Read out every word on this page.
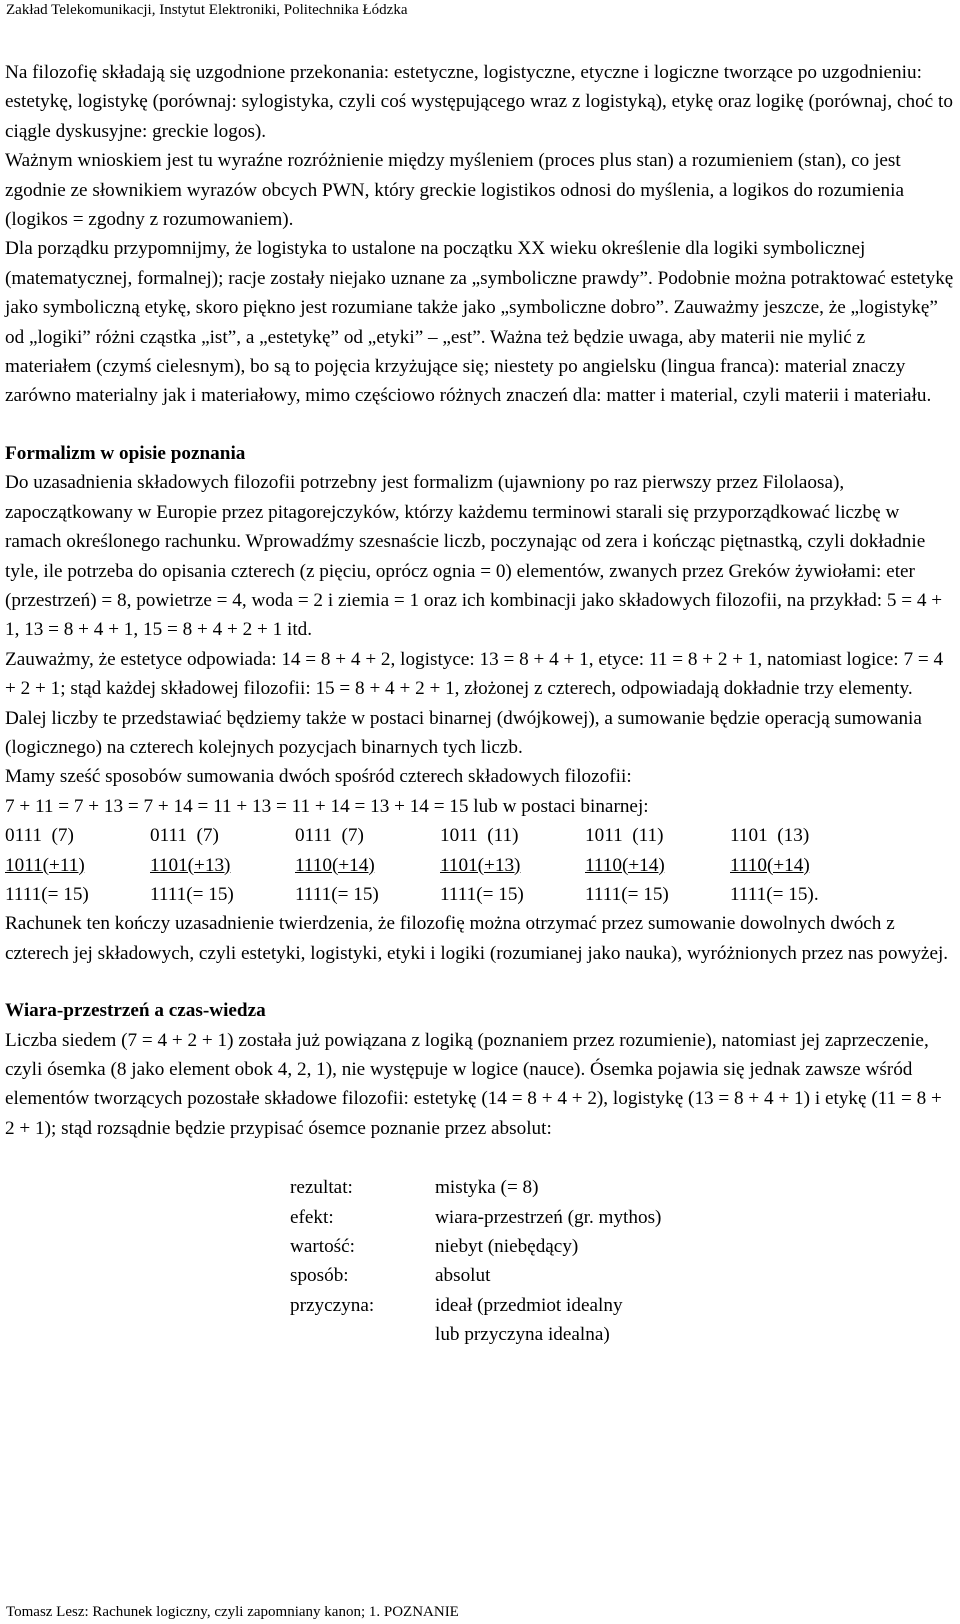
Zakład Telekomunikacji, Instytut Elektroniki, Politechnika Łódzka

Na filozofię składają się uzgodnione przekonania: estetyczne, logistyczne, etyczne i logiczne tworzące po uzgodnieniu: estetykę, logistykę (porównaj: sylogistyka, czyli coś występującego wraz z logistyką), etykę oraz logikę (porównaj, choć to ciągle dyskusyjne: greckie logos).

Ważnym wnioskiem jest tu wyraźne rozróżnienie między myśleniem (proces plus stan) a rozumieniem (stan), co jest zgodnie ze słownikiem wyrazów obcych PWN, który greckie logistikos odnosi do myślenia, a logikos do rozumienia (logikos = zgodny z rozumowaniem).

Dla porządku przypomnijmy, że logistyka to ustalone na początku XX wieku określenie dla logiki symbolicznej (matematycznej, formalnej); racje zostały niejako uznane za „symboliczne prawdy”. Podobnie można potraktować estetykę jako symboliczną etykę, skoro piękno jest rozumiane także jako „symboliczne dobro”. Zauważmy jeszcze, że „logistykę” od „logiki” różni cząstka „ist”, a „estetykę” od „etyki” – „est”. Ważna też będzie uwaga, aby materii nie mylić z materiałem (czymś cielesnym), bo są to pojęcia krzyżujące się; niestety po angielsku (lingua franca): material znaczy zarówno materialny jak i materiałowy, mimo częściowo różnych znaczeń dla: matter i material, czyli materii i materiału.

Formalizm w opisie poznania

Do uzasadnienia składowych filozofii potrzebny jest formalizm (ujawniony po raz pierwszy przez Filolaosa), zapoczątkowany w Europie przez pitagorejczyków, którzy każdemu terminowi starali się przyporządkować liczbę w ramach określonego rachunku. Wprowadźmy szesnaście liczb, poczynając od zera i kończąc piętnastką, czyli dokładnie tyle, ile potrzeba do opisania czterech (z pięciu, oprócz ognia = 0) elementów, zwanych przez Greków żywiołami: eter (przestrzeń) = 8, powietrze = 4, woda = 2 i ziemia = 1 oraz ich kombinacji jako składowych filozofii, na przykład: 5 = 4 + 1, 13 = 8 + 4 + 1, 15 = 8 + 4 + 2 + 1 itd.

Zauważmy, że estetyce odpowiada: 14 = 8 + 4 + 2, logistyce: 13 = 8 + 4 + 1, etyce: 11 = 8 + 2 + 1, natomiast logice: 7 = 4 + 2 + 1; stąd każdej składowej filozofii: 15 = 8 + 4 + 2 + 1, złożonej z czterech, odpowiadają dokładnie trzy elementy. Dalej liczby te przedstawiać będziemy także w postaci binarnej (dwójkowej), a sumowanie będzie operacją sumowania (logicznego) na czterech kolejnych pozycjach binarnych tych liczb.

Mamy sześć sposobów sumowania dwóch spośród czterech składowych filozofii:

7 + 11 = 7 + 13 = 7 + 14 = 11 + 13 = 11 + 14 = 13 + 14 = 15 lub w postaci binarnej:

0111  (7)	0111  (7)	0111  (7)	1011  (11)	1011  (11)	1101  (13)
1011(+11)	1101(+13)	1110(+14)	1101(+13)	1110(+14)	1110(+14)
1111(= 15)	1111(= 15)	1111(= 15)	1111(= 15)	1111(= 15)	1111(= 15).

Rachunek ten kończy uzasadnienie twierdzenia, że filozofię można otrzymać przez sumowanie dowolnych dwóch z czterech jej składowych, czyli estetyki, logistyki, etyki i logiki (rozumianej jako nauka), wyróżnionych przez nas powyżej.

Wiara-przestrzeń a czas-wiedza

Liczba siedem (7 = 4 + 2 + 1) została już powiązana z logiką (poznaniem przez rozumienie), natomiast jej zaprzeczenie, czyli ósemka (8 jako element obok 4, 2, 1), nie występuje w logice (nauce). Ósemka pojawia się jednak zawsze wśród elementów tworzących pozostałe składowe filozofii: estetykę (14 = 8 + 4 + 2), logistykę (13 = 8 + 4 + 1) i etykę (11 = 8 + 2 + 1); stąd rozsądnie będzie przypisać ósemce poznanie przez absolut:

rezultat:	mistyka (= 8)
efekt:	wiara-przestrzeń (gr. mythos)
wartość:	niebyt (niebędący)
sposób:	absolut
przyczyna:	ideał (przedmiot idealny
	lub przyczyna idealna)
Tomasz Lesz: Rachunek logiczny, czyli zapomniany kanon; 1. POZNANIE
